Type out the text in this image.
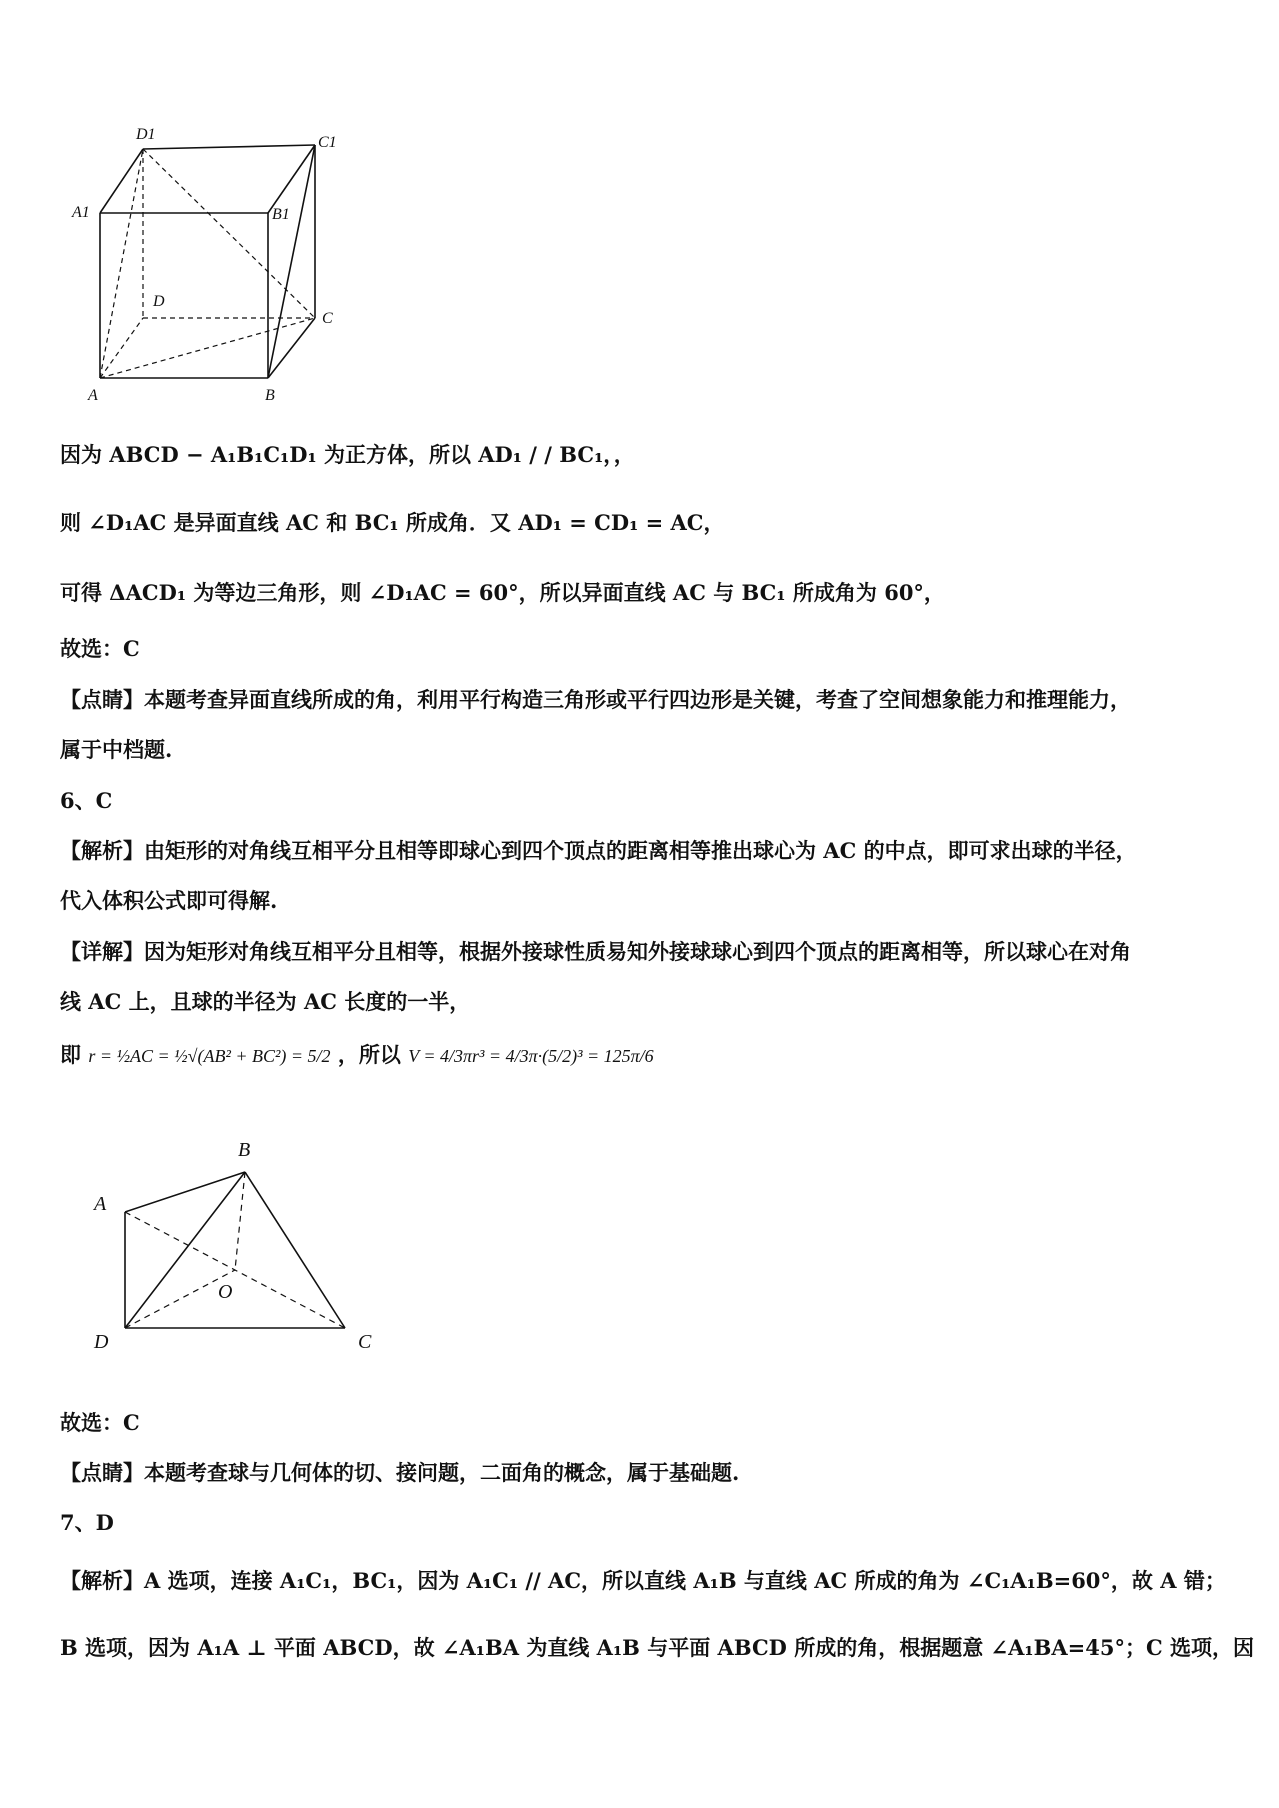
D1	C1
A1	B1
D
C
A	B
因为 ABCD − A₁B₁C₁D₁ 为正方体，所以 AD₁ / / BC₁，，
则 ∠D₁AC 是异面直线 AC 和 BC₁ 所成角．又 AD₁ = CD₁ = AC，
可得 ΔACD₁ 为等边三角形，则 ∠D₁AC = 60°，所以异面直线 AC 与 BC₁ 所成角为 60°，
故选：C
【点睛】本题考查异面直线所成的角，利用平行构造三角形或平行四边形是关键，考查了空间想象能力和推理能力，
属于中档题.
6、C
【解析】由矩形的对角线互相平分且相等即球心到四个顶点的距离相等推出球心为 AC 的中点，即可求出球的半径，
代入体积公式即可得解.
【详解】因为矩形对角线互相平分且相等，根据外接球性质易知外接球球心到四个顶点的距离相等，所以球心在对角
线 AC 上，且球的半径为 AC 长度的一半，
即 r = ½AC = ½√(AB² + BC²) = 5/2 ，所以 V = 4/3πr³ = 4/3π·(5/2)³ = 125π/6
B
A
O
D	C
故选：C
【点睛】本题考查球与几何体的切、接问题，二面角的概念，属于基础题.
7、D
【解析】A 选项，连接 A₁C₁，BC₁，因为 A₁C₁ // AC，所以直线 A₁B 与直线 AC 所成的角为 ∠C₁A₁B=60°，故 A 错；
B 选项，因为 A₁A ⊥ 平面 ABCD，故 ∠A₁BA 为直线 A₁B 与平面 ABCD 所成的角，根据题意 ∠A₁BA=45°；C 选项，因
